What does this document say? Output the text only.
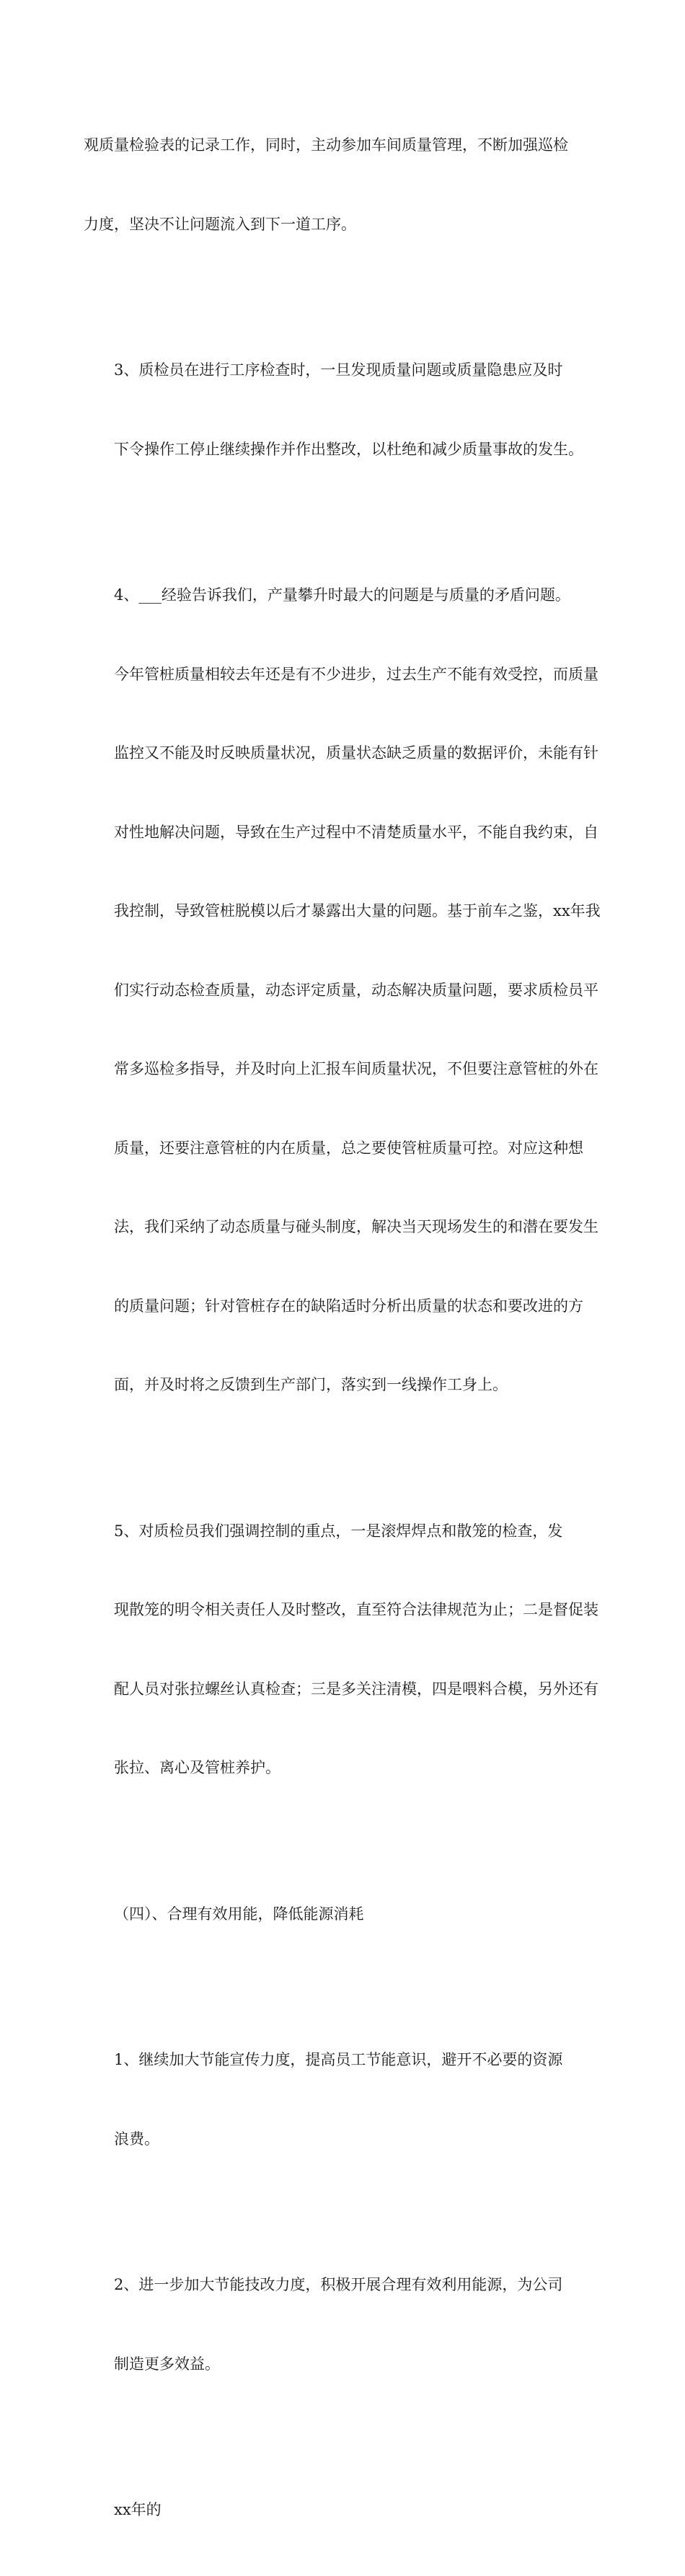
观质量检验表的记录工作，同时，主动参加车间质量管理，不断加强巡检

力度，坚决不让问题流入到下一道工序。

3、质检员在进行工序检查时，一旦发现质量问题或质量隐患应及时

下令操作工停止继续操作并作出整改，以杜绝和减少质量事故的发生。

4、___经验告诉我们，产量攀升时最大的问题是与质量的矛盾问题。

今年管桩质量相较去年还是有不少进步，过去生产不能有效受控，而质量

监控又不能及时反映质量状况，质量状态缺乏质量的数据评价，未能有针

对性地解决问题，导致在生产过程中不清楚质量水平，不能自我约束，自

我控制，导致管桩脱模以后才暴露出大量的问题。基于前车之鉴，xx年我

们实行动态检查质量，动态评定质量，动态解决质量问题，要求质检员平

常多巡检多指导，并及时向上汇报车间质量状况，不但要注意管桩的外在

质量，还要注意管桩的内在质量，总之要使管桩质量可控。对应这种想

法，我们采纳了动态质量与碰头制度，解决当天现场发生的和潜在要发生

的质量问题；针对管桩存在的缺陷适时分析出质量的状态和要改进的方

面，并及时将之反馈到生产部门，落实到一线操作工身上。

5、对质检员我们强调控制的重点，一是滚焊焊点和散笼的检查，发

现散笼的明令相关责任人及时整改，直至符合法律规范为止；二是督促装

配人员对张拉螺丝认真检查；三是多关注清模，四是喂料合模，另外还有

张拉、离心及管桩养护。

（四）、合理有效用能，降低能源消耗

1、继续加大节能宣传力度，提高员工节能意识，避开不必要的资源

浪费。

2、进一步加大节能技改力度，积极开展合理有效利用能源，为公司

制造更多效益。

xx年的
